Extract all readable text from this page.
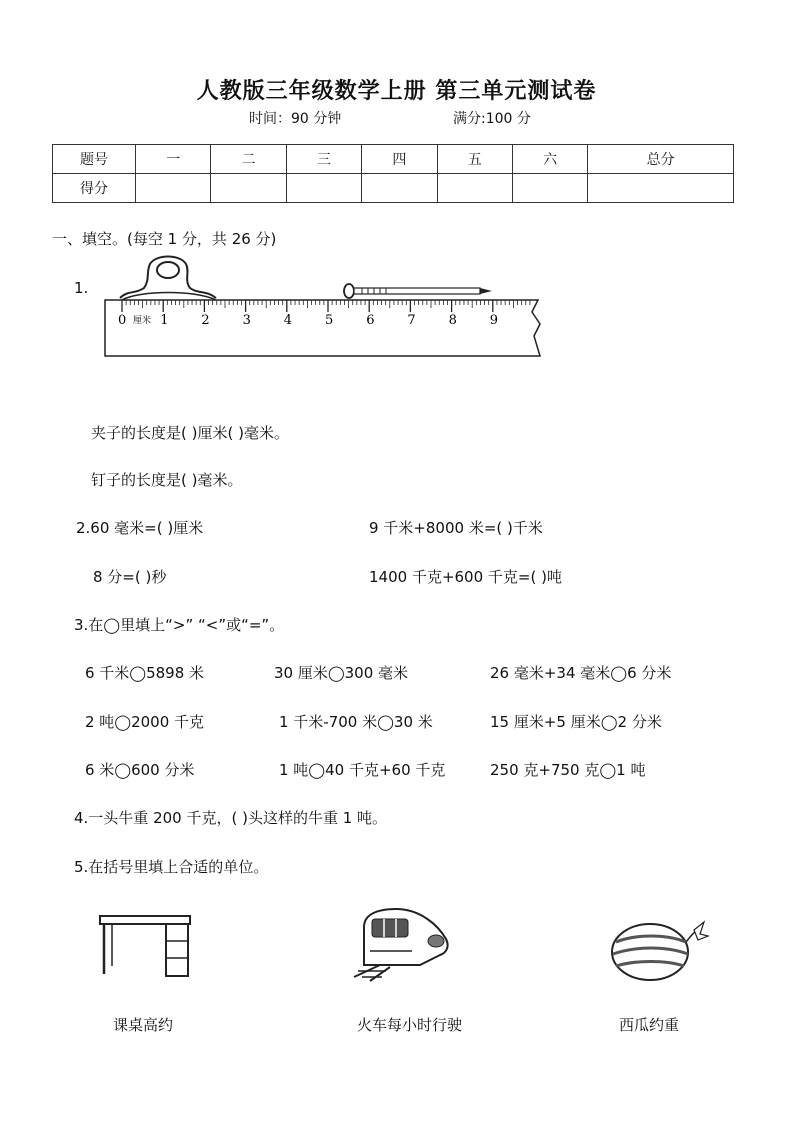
人教版三年级数学上册 第三单元测试卷
时间：90 分钟	满分:100 分
题号	一	二	三	四	五	六	总分
得分							
一、填空。(每空 1 分，共 26 分)
1.
0	1	2	3	4	5	6	7	8	9
厘米
夹子的长度是( )厘米( )毫米。
钉子的长度是( )毫米。
2.60 毫米=( )厘米	9 千米+8000 米=( )千米
8 分=( )秒	1400 千克+600 千克=( )吨
3.在◯里填上“>” “<”或“=”。
6 千米◯5898 米	30 厘米◯300 毫米	26 毫米+34 毫米◯6 分米
2 吨◯2000 千克	1 千米-700 米◯30 米	15 厘米+5 厘米◯2 分米
6 米◯600 分米	1 吨◯40 千克+60 千克	250 克+750 克◯1 吨
4.一头牛重 200 千克，( )头这样的牛重 1 吨。
5.在括号里填上合适的单位。
课桌高约	火车每小时行驶	西瓜约重
